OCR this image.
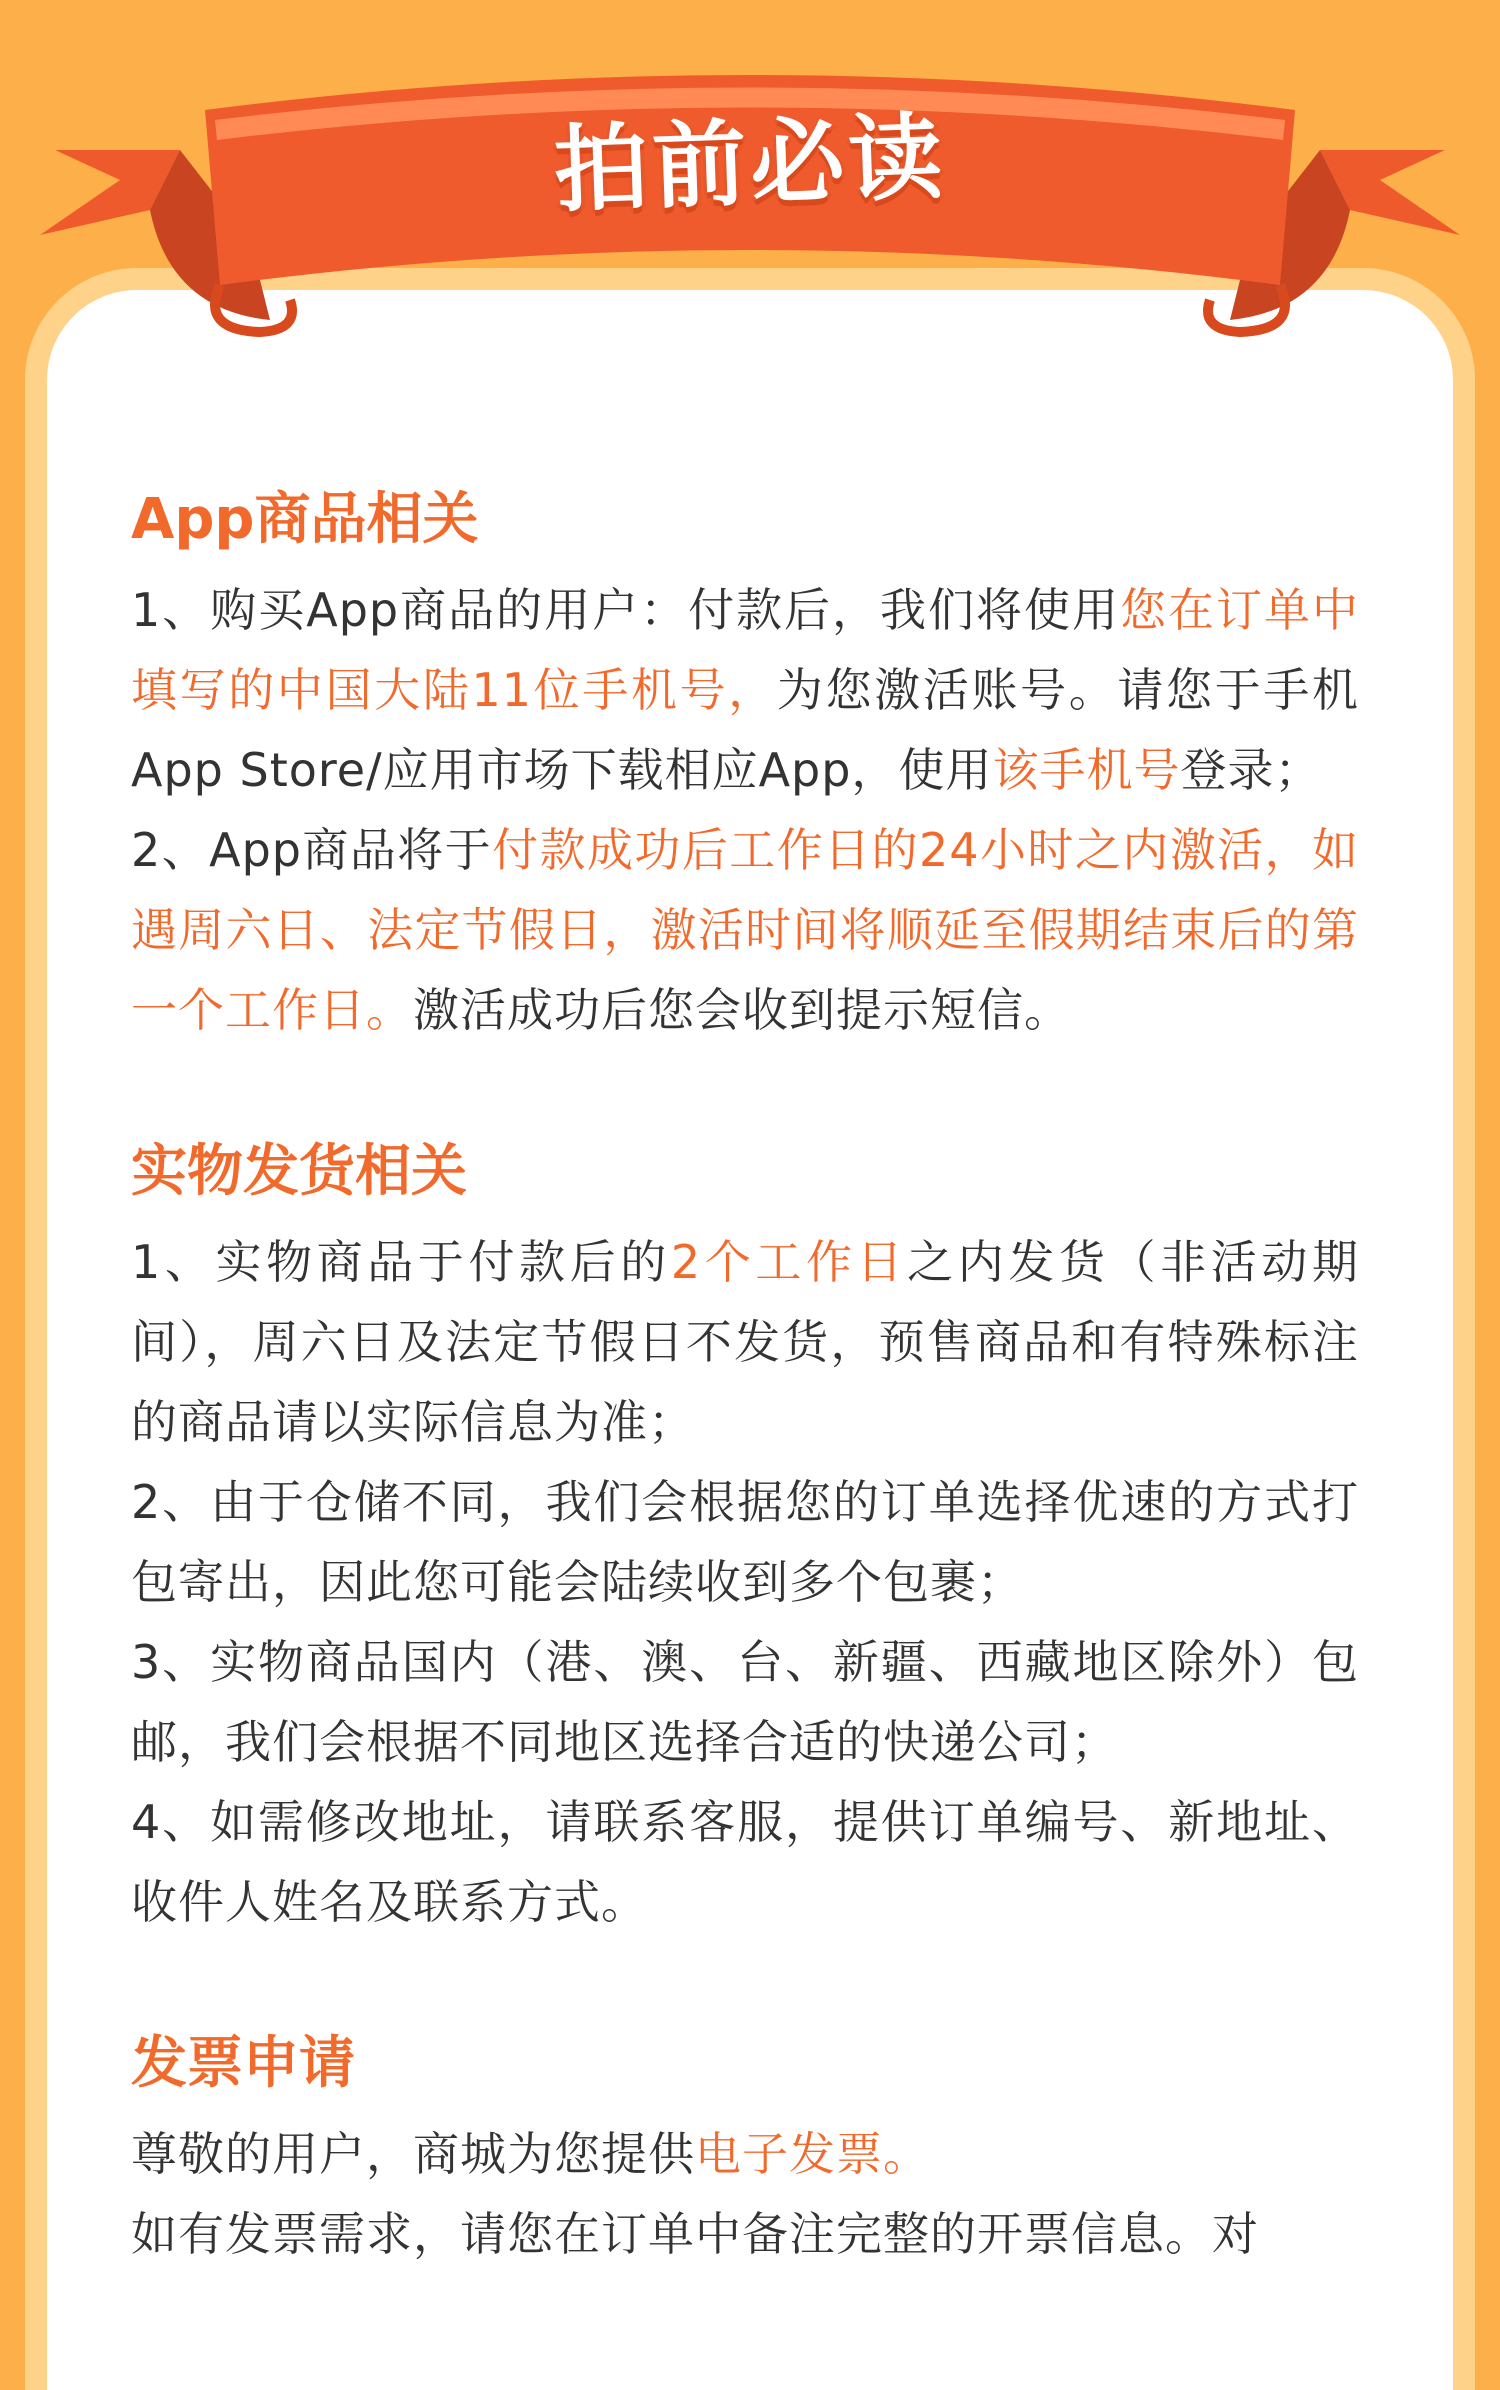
拍前必读
App商品相关

1、购买App商品的用户：付款后，我们将使用您在订单中填写的中国大陆11位手机号，为您激活账号。请您于手机App Store/应用市场下载相应App，使用该手机号登录；

2、App商品将于付款成功后工作日的24小时之内激活，如遇周六日、法定节假日，激活时间将顺延至假期结束后的第一个工作日。激活成功后您会收到提示短信。

实物发货相关

1、实物商品于付款后的2个工作日之内发货（非活动期间），周六日及法定节假日不发货，预售商品和有特殊标注的商品请以实际信息为准；

2、由于仓储不同，我们会根据您的订单选择优速的方式打包寄出，因此您可能会陆续收到多个包裹；

3、实物商品国内（港、澳、台、新疆、西藏地区除外）包邮，我们会根据不同地区选择合适的快递公司；

4、如需修改地址，请联系客服，提供订单编号、新地址、收件人姓名及联系方式。

发票申请

尊敬的用户，商城为您提供电子发票。

如有发票需求，请您在订单中备注完整的开票信息。对
